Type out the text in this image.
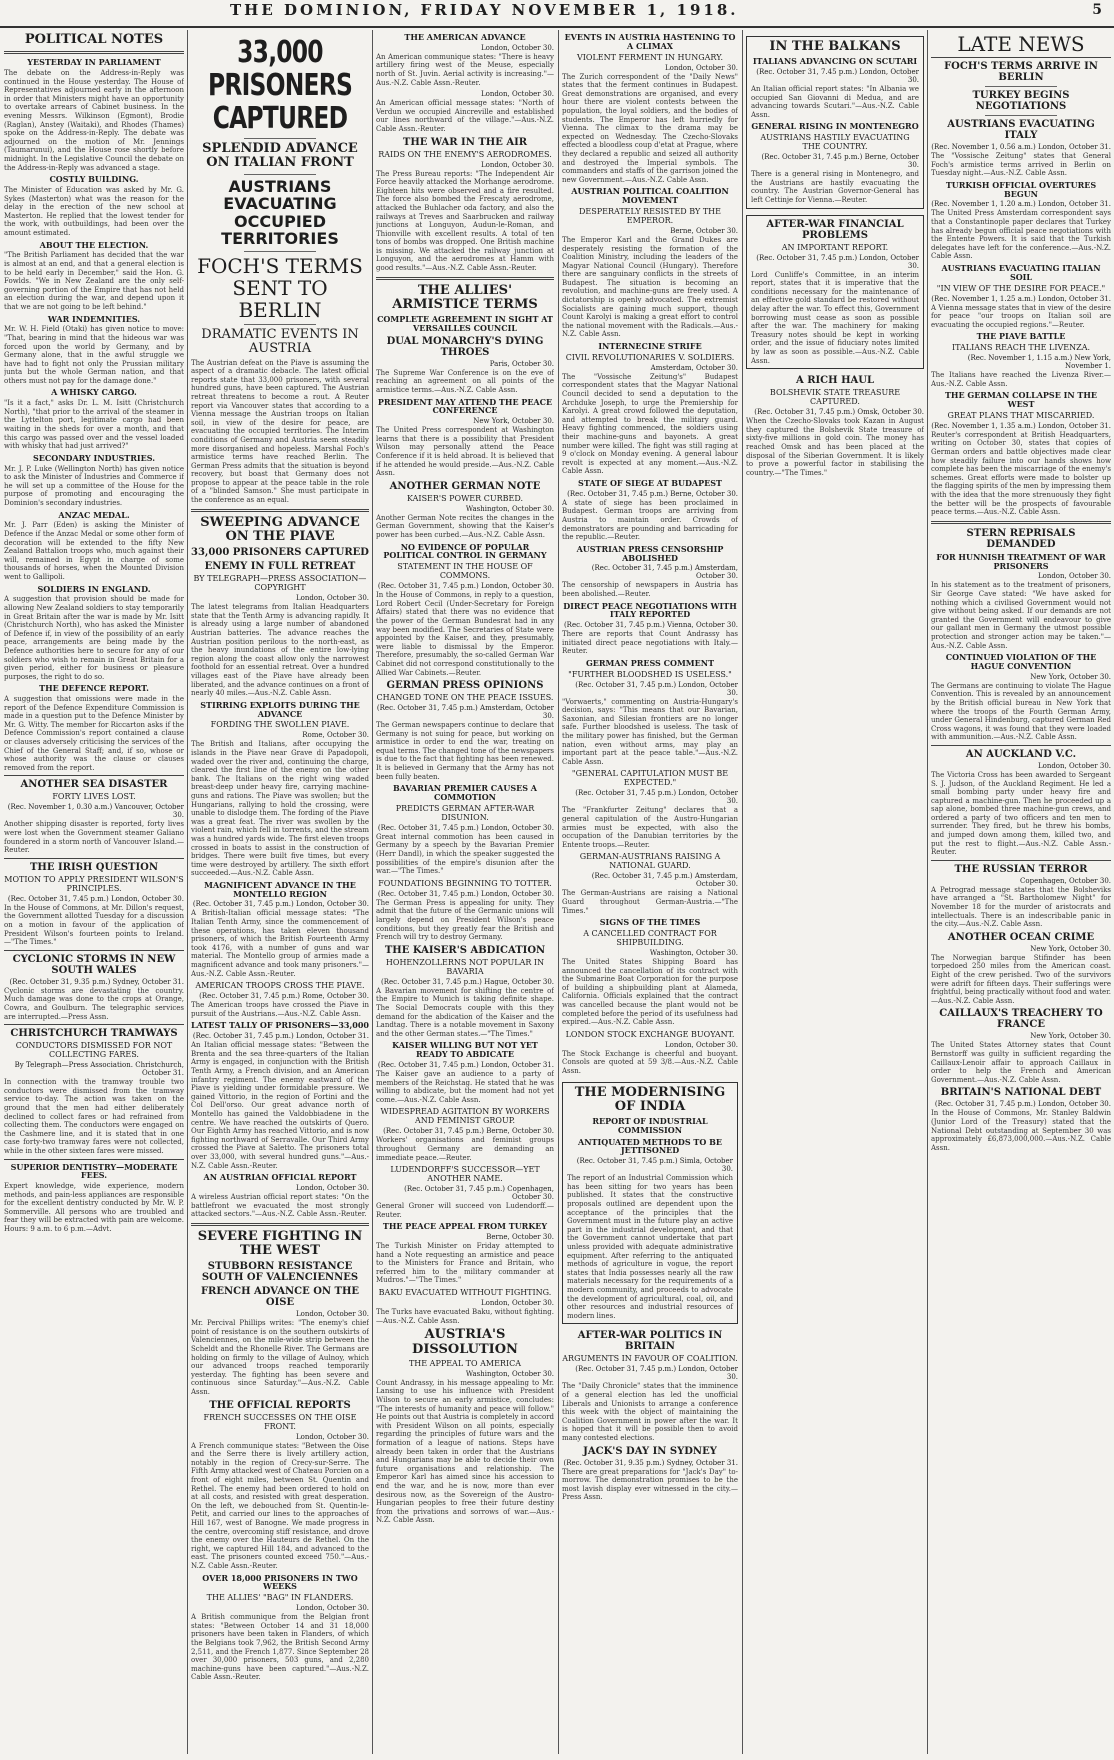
THE DOMINION, FRIDAY NOVEMBER 1, 1918.	5
POLITICAL NOTES
YESTERDAY IN PARLIAMENT
The debate on the Address-in-Reply was continued in the House yesterday. The House of Representatives adjourned early in the afternoon in order that Ministers might have an opportunity to overtake arrears of Cabinet business. In the evening Messrs. Wilkinson (Egmont), Brodie (Raglan), Anstey (Waitaki), and Rhodes (Thames) spoke on the Address-in-Reply. The debate was adjourned on the motion of Mr. Jennings (Taumarunui), and the House rose shortly before midnight. In the Legislative Council the debate on the Address-in-Reply was advanced a stage.
COSTLY BUILDING.
The Minister of Education was asked by Mr. G. Sykes (Masterton) what was the reason for the delay in the erection of the new school at Masterton. He replied that the lowest tender for the work, with outbuildings, had been over the amount estimated.
ABOUT THE ELECTION.
"The British Parliament has decided that the war is almost at an end, and that a general election is to be held early in December," said the Hon. G. Fowlds. "We in New Zealand are the only self-governing portion of the Empire that has not held an election during the war, and depend upon it that we are not going to be left behind."
WAR INDEMNITIES.
Mr. W. H. Field (Otaki) has given notice to move: "That, bearing in mind that the hideous war was forced upon the world by Germany, and by Germany alone, that in the awful struggle we have had to fight not only the Prussian military junta but the whole German nation, and that others must not pay for the damage done."
A WHISKY CARGO.
"Is it a fact," asks Dr. L. M. Isitt (Christchurch North), "that prior to the arrival of the steamer in the Lyttelton port, legitimate cargo had been waiting in the sheds for over a month, and that this cargo was passed over and the vessel loaded with whisky that had just arrived?"
SECONDARY INDUSTRIES.
Mr. J. P. Luke (Wellington North) has given notice to ask the Minister of Industries and Commerce if he will set up a committee of the House for the purpose of promoting and encouraging the Dominion's secondary industries.
ANZAC MEDAL.
Mr. J. Parr (Eden) is asking the Minister of Defence if the Anzac Medal or some other form of decoration will be extended to the fifty New Zealand Battalion troops who, much against their will, remained in Egypt in charge of some thousands of horses, when the Mounted Division went to Gallipoli.
SOLDIERS IN ENGLAND.
A suggestion that provision should be made for allowing New Zealand soldiers to stay temporarily in Great Britain after the war is made by Mr. Isitt (Christchurch North), who has asked the Minister of Defence if, in view of the possibility of an early peace, arrangements are being made by the Defence authorities here to secure for any of our soldiers who wish to remain in Great Britain for a given period, either for business or pleasure purposes, the right to do so.
THE DEFENCE REPORT.
A suggestion that omissions were made in the report of the Defence Expenditure Commission is made in a question put to the Defence Minister by Mr. G. Witty. The member for Riccarton asks if the Defence Commission's report contained a clause or clauses adversely criticising the services of the Chief of the General Staff; and, if so, whose or whose authority was the clause or clauses removed from the report.
ANOTHER SEA DISASTER
FORTY LIVES LOST.
(Rec. November 1, 0.30 a.m.) Vancouver, October 30.
Another shipping disaster is reported, forty lives were lost when the Government steamer Galiano foundered in a storm north of Vancouver Island.—Reuter.
THE IRISH QUESTION
MOTION TO APPLY PRESIDENT WILSON'S PRINCIPLES.
(Rec. October 31, 7.45 p.m.) London, October 30.
In the House of Commons, at Mr. Dillon's request, the Government allotted Tuesday for a discussion on a motion in favour of the application of President Wilson's fourteen points to Ireland.—"The Times."
CYCLONIC STORMS IN NEW SOUTH WALES
(Rec. October 31, 9.35 p.m.) Sydney, October 31.
Cyclonic storms are devastating the country. Much damage was done to the crops at Orange, Cowra, and Goulburn. The telegraphic services are interrupted.—Press Assn.
CHRISTCHURCH TRAMWAYS
CONDUCTORS DISMISSED FOR NOT COLLECTING FARES.
By Telegraph—Press Association. Christchurch, October 31.
In connection with the tramway trouble two conductors were dismissed from the tramway service to-day. The action was taken on the ground that the men had either deliberately declined to collect fares or had refrained from collecting them. The conductors were engaged on the Cashmere line, and it is stated that in one case forty-two tramway fares were not collected, while in the other sixteen fares were missed.
SUPERIOR DENTISTRY—MODERATE FEES.
Expert knowledge, wide experience, modern methods, and pain-less appliances are responsible for the excellent dentistry conducted by Mr. W. P. Sommerville. All persons who are troubled and fear they will be extracted with pain are welcome. Hours: 9 a.m. to 6 p.m.—Advt.
33,000 PRISONERS CAPTURED
SPLENDID ADVANCE ON ITALIAN FRONT
AUSTRIANS EVACUATING OCCUPIED TERRITORIES
FOCH'S TERMS SENT TO BERLIN
DRAMATIC EVENTS IN AUSTRIA
The Austrian defeat on the Piave is assuming the aspect of a dramatic debacle. The latest official reports state that 33,000 prisoners, with several hundred guns, have been captured. The Austrian retreat threatens to become a rout. A Reuter report via Vancouver states that according to a Vienna message the Austrian troops on Italian soil, in view of the desire for peace, are evacuating the occupied territories. The Interim conditions of Germany and Austria seem steadily more disorganised and hopeless. Marshal Foch's armistice terms have reached Berlin. The German Press admits that the situation is beyond recovery, but boast that Germany does not propose to appear at the peace table in the role of a "blinded Samson." She must participate in the conference as an equal.
SWEEPING ADVANCE ON THE PIAVE
33,000 PRISONERS CAPTURED
ENEMY IN FULL RETREAT
BY TELEGRAPH—PRESS ASSOCIATION—COPYRIGHT
London, October 30.
The latest telegrams from Italian Headquarters state that the Tenth Army is advancing rapidly. It is already using a large number of abandoned Austrian batteries. The advance reaches the Austrian position perilous to the north-east, as the heavy inundations of the entire low-lying region along the coast allow only the narrowest foothold for an essential retreat. Over a hundred villages east of the Piave have already been liberated, and the advance continues on a front of nearly 40 miles.—Aus.-N.Z. Cable Assn.
STIRRING EXPLOITS DURING THE ADVANCE
FORDING THE SWOLLEN PIAVE.
Rome, October 30.
The British and Italians, after occupying the islands in the Piave near Grave di Papadopoli, waded over the river and, continuing the charge, cleared the first line of the enemy on the other bank. The Italians on the right wing waded breast-deep under heavy fire, carrying machine-guns and rations. The Piave was swollen; but the Hungarians, rallying to hold the crossing, were unable to dislodge them. The fording of the Piave was a great feat. The river was swollen by the violent rain, which fell in torrents, and the stream was a hundred yards wide. The first eleven troops crossed in boats to assist in the construction of bridges. There were built five times, but every time were destroyed by artillery. The sixth effort succeeded.—Aus.-N.Z. Cable Assn.
MAGNIFICENT ADVANCE IN THE MONTELLO REGION
(Rec. October 31, 7.45 p.m.) London, October 30.
A British-Italian official message states: "The Italian Tenth Army, since the commencement of these operations, has taken eleven thousand prisoners, of which the British Fourteenth Army took 4176, with a number of guns and war material. The Montello group of armies made a magnificent advance and took many prisoners."—Aus.-N.Z. Cable Assn.-Reuter.
AMERICAN TROOPS CROSS THE PIAVE.
(Rec. October 31, 7.45 p.m.) Rome, October 30.
The American troops have crossed the Piave in pursuit of the Austrians.—Aus.-N.Z. Cable Assn.
LATEST TALLY OF PRISONERS—33,000
(Rec. October 31, 7.45 p.m.) London, October 31.
An Italian official message states: "Between the Brenta and the sea three-quarters of the Italian Army is engaged, in conjunction with the British Tenth Army, a French division, and an American infantry regiment. The enemy eastward of the Piave is yielding under formidable pressure. We gained Vittorio, in the region of Fortini and the Col Dell'orso. Our great advance north of Montello has gained the Valdobbiadene in the centre. We have reached the outskirts of Quero. Our Eighth Army has reached Vittorio, and is now fighting northward of Serravalle. Our Third Army crossed the Piave at Saletto. The prisoners total over 33,000, with several hundred guns."—Aus.-N.Z. Cable Assn.-Reuter.
AN AUSTRIAN OFFICIAL REPORT
London, October 30.
A wireless Austrian official report states: "On the battlefront we evacuated the most strongly attacked sectors."—Aus.-N.Z. Cable Assn.-Reuter.
SEVERE FIGHTING IN THE WEST
STUBBORN RESISTANCE SOUTH OF VALENCIENNES
FRENCH ADVANCE ON THE OISE
London, October 30.
Mr. Percival Phillips writes: "The enemy's chief point of resistance is on the southern outskirts of Valenciennes, on the mile-wide strip between the Scheldt and the Rhonelle River. The Germans are holding on firmly to the village of Aulnoy, which our advanced troops reached temporarily yesterday. The fighting has been severe and continuous since Saturday."—Aus.-N.Z. Cable Assn.
THE OFFICIAL REPORTS
FRENCH SUCCESSES ON THE OISE FRONT.
London, October 30.
A French communique states: "Between the Oise and the Serre there is lively artillery action, notably in the region of Crecy-sur-Serre. The Fifth Army attacked west of Chateau Porcien on a front of eight miles, between St. Quentin and Rethel. The enemy had been ordered to hold on at all costs, and resisted with great desperation. On the left, we debouched from St. Quentin-le-Petit, and carried our lines to the approaches of Hill 167, west of Banogne. We made progress in the centre, overcoming stiff resistance, and drove the enemy over the Hauteurs de Rethel. On the right, we captured Hill 184, and advanced to the east. The prisoners counted exceed 750."—Aus.-N.Z. Cable Assn.-Reuter.
OVER 18,000 PRISONERS IN TWO WEEKS
THE ALLIES' "BAG" IN FLANDERS.
London, October 30.
A British communique from the Belgian front states: "Between October 14 and 31 18,000 prisoners have been taken in Flanders, of which the Belgians took 7,962, the British Second Army 2,511, and the French 1,877. Since September 28 over 30,000 prisoners, 503 guns, and 2,280 machine-guns have been captured."—Aus.-N.Z. Cable Assn.-Reuter.
THE AMERICAN ADVANCE
London, October 30.
An American communique states: "There is heavy artillery firing west of the Meuse, especially north of St. Juvin. Aerial activity is increasing."—Aus.-N.Z. Cable Assn.-Reuter.
London, October 30.
An American official message states: "North of Verdun we occupied Aincreville and established our lines northward of the village."—Aus.-N.Z. Cable Assn.-Reuter.
THE WAR IN THE AIR
RAIDS ON THE ENEMY'S AERODROMES.
London, October 30.
The Press Bureau reports: "The Independent Air Force heavily attacked the Morhange aerodrome. Eighteen hits were observed and a fire resulted. The force also bombed the Frescaty aerodrome, attacked the Buhlacher oda factory, and also the railways at Treves and Saarbrucken and railway junctions at Longuyon, Audun-le-Roman, and Thionville with excellent results. A total of ten tons of bombs was dropped. One British machine is missing. We attacked the railway junction at Longuyon, and the aerodromes at Hamm with good results."—Aus.-N.Z. Cable Assn.-Reuter.
THE ALLIES' ARMISTICE TERMS
COMPLETE AGREEMENT IN SIGHT AT VERSAILLES COUNCIL
DUAL MONARCHY'S DYING THROES
Paris, October 30.
The Supreme War Conference is on the eve of reaching an agreement on all points of the armistice terms.—Aus.-N.Z. Cable Assn.
PRESIDENT MAY ATTEND THE PEACE CONFERENCE
New York, October 30.
The United Press correspondent at Washington learns that there is a possibility that President Wilson may personally attend the Peace Conference if it is held abroad. It is believed that if he attended he would preside.—Aus.-N.Z. Cable Assn.
ANOTHER GERMAN NOTE
KAISER'S POWER CURBED.
Washington, October 30.
Another German Note recites the changes in the German Government, showing that the Kaiser's power has been curbed.—Aus.-N.Z. Cable Assn.
NO EVIDENCE OF POPULAR POLITICAL CONTROL IN GERMANY
STATEMENT IN THE HOUSE OF COMMONS.
(Rec. October 31, 7.45 p.m.) London, October 30.
In the House of Commons, in reply to a question, Lord Robert Cecil (Under-Secretary for Foreign Affairs) stated that there was no evidence that the power of the German Bundesrat had in any way been modified. The Secretaries of State were appointed by the Kaiser, and they, presumably, were liable to dismissal by the Emperor. Therefore, presumably, the so-called German War Cabinet did not correspond constitutionally to the Allied War Cabinets.—Reuter.
GERMAN PRESS OPINIONS
CHANGED TONE ON THE PEACE ISSUES.
(Rec. October 31, 7.45 p.m.) Amsterdam, October 30.
The German newspapers continue to declare that Germany is not suing for peace, but working on armistice in order to end the war, treating on equal terms. The changed tone of the newspapers is due to the fact that fighting has been renewed. It is believed in Germany that the Army has not been fully beaten.
BAVARIAN PREMIER CAUSES A COMMOTION
PREDICTS GERMAN AFTER-WAR DISUNION.
(Rec. October 31, 7.45 p.m.) London, October 30.
Great internal commotion has been caused in Germany by a speech by the Bavarian Premier (Herr Dandl), in which the speaker suggested the possibilities of the empire's disunion after the war.—"The Times."
FOUNDATIONS BEGINNING TO TOTTER.
(Rec. October 31, 7.45 p.m.) London, October 30.
The German Press is appealing for unity. They admit that the future of the Germanic unions will largely depend on President Wilson's peace conditions, but they greatly fear the British and French will try to destroy Germany.
THE KAISER'S ABDICATION
HOHENZOLLERNS NOT POPULAR IN BAVARIA
(Rec. October 31, 7.45 p.m.) Hague, October 30.
A Bavarian movement for shifting the centre of the Empire to Munich is taking definite shape. The Social Democrats couple with this they demand for the abdication of the Kaiser and the Landtag. There is a notable movement in Saxony and the other German states.—"The Times."
KAISER WILLING BUT NOT YET READY TO ABDICATE
(Rec. October 31, 7.45 p.m.) London, October 31.
The Kaiser gave an audience to a party of members of the Reichstag. He stated that he was willing to abdicate, but the moment had not yet come.—Aus.-N.Z. Cable Assn.
WIDESPREAD AGITATION BY WORKERS AND FEMINIST GROUP.
(Rec. October 31, 7.45 p.m.) Berne, October 30.
Workers' organisations and feminist groups throughout Germany are demanding an immediate peace.—Reuter.
LUDENDORFF'S SUCCESSOR—YET ANOTHER NAME.
(Rec. October 31, 7.45 p.m.) Copenhagen, October 30.
General Groner will succeed von Ludendorff.—Reuter.
THE PEACE APPEAL FROM TURKEY
Berne, October 30.
The Turkish Minister on Friday attempted to hand a Note requesting an armistice and peace to the Ministers for France and Britain, who referred him to the military commander at Mudros."—"The Times."
BAKU EVACUATED WITHOUT FIGHTING.
London, October 30.
The Turks have evacuated Baku, without fighting.—Aus.-N.Z. Cable Assn.
AUSTRIA'S DISSOLUTION
THE APPEAL TO AMERICA
Washington, October 30.
Count Andrassy, in his message appealing to Mr. Lansing to use his influence with President Wilson to secure an early armistice, concludes: "The interests of humanity and peace will follow." He points out that Austria is completely in accord with President Wilson on all points, especially regarding the principles of future wars and the formation of a league of nations. Steps have already been taken in order that the Austrians and Hungarians may be able to decide their own future organisations and relationship. The Emperor Karl has aimed since his accession to end the war, and he is now, more than ever desirous now, as the Sovereign of the Austro-Hungarian peoples to free their future destiny from the privations and sorrows of war.—Aus.-N.Z. Cable Assn.
EVENTS IN AUSTRIA HASTENING TO A CLIMAX
VIOLENT FERMENT IN HUNGARY.
London, October 30.
The Zurich correspondent of the "Daily News" states that the ferment continues in Budapest. Great demonstrations are organised, and every hour there are violent contests between the population, the loyal soldiers, and the bodies of students. The Emperor has left hurriedly for Vienna. The climax to the drama may be expected on Wednesday. The Czecho-Slovaks effected a bloodless coup d'etat at Prague, where they declared a republic and seized all authority and destroyed the Imperial symbols. The commanders and staffs of the garrison joined the new Government.—Aus.-N.Z. Cable Assn.
AUSTRIAN POLITICAL COALITION MOVEMENT
DESPERATELY RESISTED BY THE EMPEROR.
Berne, October 30.
The Emperor Karl and the Grand Dukes are desperately resisting the formation of the Coalition Ministry, including the leaders of the Magyar National Council (Hungary). Therefore there are sanguinary conflicts in the streets of Budapest. The situation is becoming an revolution, and machine-guns are freely used. A dictatorship is openly advocated. The extremist Socialists are gaining much support, though Count Karolyi is making a great effort to control the national movement with the Radicals.—Aus.-N.Z. Cable Assn.
INTERNECINE STRIFE
CIVIL REVOLUTIONARIES V. SOLDIERS.
Amsterdam, October 30.
The "Vossische Zeitung's" Budapest correspondent states that the Magyar National Council decided to send a deputation to the Archduke Joseph, to urge the Premiership for Karolyi. A great crowd followed the deputation, and attempted to break the military guard. Heavy fighting commenced, the soldiers using their machine-guns and bayonets. A great number were killed. The fight was still raging at 9 o'clock on Monday evening. A general labour revolt is expected at any moment.—Aus.-N.Z. Cable Assn.
STATE OF SIEGE AT BUDAPEST
(Rec. October 31, 7.45 p.m.) Berne, October 30.
A state of siege has been proclaimed in Budapest. German troops are arriving from Austria to maintain order. Crowds of demonstrators are pounding and barricading for the republic.—Reuter.
AUSTRIAN PRESS CENSORSHIP ABOLISHED
(Rec. October 31, 7.45 p.m.) Amsterdam, October 30.
The censorship of newspapers in Austria has been abolished.—Reuter.
DIRECT PEACE NEGOTIATIONS WITH ITALY REPORTED
(Rec. October 31, 7.45 p.m.) Vienna, October 30.
There are reports that Count Andrassy has initiated direct peace negotiations with Italy.—Reuter.
GERMAN PRESS COMMENT
"FURTHER BLOODSHED IS USELESS."
(Rec. October 31, 7.45 p.m.) London, October 30.
"Vorwaerts," commenting on Austria-Hungary's decision, says: "This means that our Bavarian, Saxonian, and Silesian frontiers are no longer safe. Further bloodshed is useless. The task of the military power has finished, but the German nation, even without arms, may play an important part at the peace table."—Aus.-N.Z. Cable Assn.
"GENERAL CAPITULATION MUST BE EXPECTED."
(Rec. October 31, 7.45 p.m.) London, October 30.
The "Frankfurter Zeitung" declares that a general capitulation of the Austro-Hungarian armies must be expected, with also the occupation of the Danubian territories by the Entente troops.—Reuter.
GERMAN-AUSTRIANS RAISING A NATIONAL GUARD.
(Rec. October 31, 7.45 p.m.) Amsterdam, October 30.
The German-Austrians are raising a National Guard throughout German-Austria.—"The Times."
SIGNS OF THE TIMES
A CANCELLED CONTRACT FOR SHIPBUILDING.
Washington, October 30.
The United States Shipping Board has announced the cancellation of its contract with the Submarine Boat Corporation for the purpose of building a shipbuilding plant at Alameda, California. Officials explained that the contract was cancelled because the plant would not be completed before the period of its usefulness had expired.—Aus.-N.Z. Cable Assn.
LONDON STOCK EXCHANGE BUOYANT.
London, October 30.
The Stock Exchange is cheerful and buoyant. Consols are quoted at 59 3/8.—Aus.-N.Z. Cable Assn.
THE MODERNISING OF INDIA
REPORT OF INDUSTRIAL COMMISSION
ANTIQUATED METHODS TO BE JETTISONED
(Rec. October 31, 7.45 p.m.) Simla, October 30.
The report of an Industrial Commission which has been sitting for two years has been published. It states that the constructive proposals outlined are dependent upon the acceptance of the principles that the Government must in the future play an active part in the industrial development, and that the Government cannot undertake that part unless provided with adequate administrative equipment. After referring to the antiquated methods of agriculture in vogue, the report states that India possesses nearly all the raw materials necessary for the requirements of a modern community, and proceeds to advocate the development of agricultural, coal, oil, and other resources and industrial resources of modern lines.
AFTER-WAR POLITICS IN BRITAIN
ARGUMENTS IN FAVOUR OF COALITION.
(Rec. October 31, 7.45 p.m.) London, October 30.
The "Daily Chronicle" states that the imminence of a general election has led the unofficial Liberals and Unionists to arrange a conference this week with the object of maintaining the Coalition Government in power after the war. It is hoped that it will be possible then to avoid many contested elections.
JACK'S DAY IN SYDNEY
(Rec. October 31, 9.35 p.m.) Sydney, October 31.
There are great preparations for "Jack's Day" to-morrow. The demonstration promises to be the most lavish display ever witnessed in the city.—Press Assn.
IN THE BALKANS
ITALIANS ADVANCING ON SCUTARI
(Rec. October 31, 7.45 p.m.) London, October 30.
An Italian official report states: "In Albania we occupied San Giovanni di Medua, and are advancing towards Scutari."—Aus.-N.Z. Cable Assn.
GENERAL RISING IN MONTENEGRO
AUSTRIANS HASTILY EVACUATING THE COUNTRY.
(Rec. October 31, 7.45 p.m.) Berne, October 30.
There is a general rising in Montenegro, and the Austrians are hastily evacuating the country. The Austrian Governor-General has left Cettinje for Vienna.—Reuter.
AFTER-WAR FINANCIAL PROBLEMS
AN IMPORTANT REPORT.
(Rec. October 31, 7.45 p.m.) London, October 30.
Lord Cunliffe's Committee, in an interim report, states that it is imperative that the conditions necessary for the maintenance of an effective gold standard be restored without delay after the war. To effect this, Government borrowing must cease as soon as possible after the war. The machinery for making Treasury notes should be kept in working order, and the issue of fiduciary notes limited by law as soon as possible.—Aus.-N.Z. Cable Assn.
A RICH HAUL
BOLSHEVIK STATE TREASURE CAPTURED.
(Rec. October 31, 7.45 p.m.) Omsk, October 30.
When the Czecho-Slovaks took Kazan in August they captured the Bolshevik State treasure of sixty-five millions in gold coin. The money has reached Omsk and has been placed at the disposal of the Siberian Government. It is likely to prove a powerful factor in stabilising the country.—"The Times."
LATE NEWS
FOCH'S TERMS ARRIVE IN BERLIN
TURKEY BEGINS NEGOTIATIONS
AUSTRIANS EVACUATING ITALY
(Rec. November 1, 0.56 a.m.) London, October 31.
The "Vossische Zeitung" states that General Foch's armistice terms arrived in Berlin on Tuesday night.—Aus.-N.Z. Cable Assn.
TURKISH OFFICIAL OVERTURES BEGUN
(Rec. November 1, 1.20 a.m.) London, October 31.
The United Press Amsterdam correspondent says that a Constantinople paper declares that Turkey has already begun official peace negotiations with the Entente Powers. It is said that the Turkish delegates have left for the conference.—Aus.-N.Z. Cable Assn.
AUSTRIANS EVACUATING ITALIAN SOIL
"IN VIEW OF THE DESIRE FOR PEACE."
(Rec. November 1, 1.25 a.m.) London, October 31.
A Vienna message states that in view of the desire for peace "our troops on Italian soil are evacuating the occupied regions."—Reuter.
THE PIAVE BATTLE
ITALIANS REACH THE LIVENZA.
(Rec. November 1, 1.15 a.m.) New York, November 1.
The Italians have reached the Livenza River.—Aus.-N.Z. Cable Assn.
THE GERMAN COLLAPSE IN THE WEST
GREAT PLANS THAT MISCARRIED.
(Rec. November 1, 1.35 a.m.) London, October 31.
Reuter's correspondent at British Headquarters, writing on October 30, states that copies of German orders and battle objectives made clear how steadily failure into our hands shows how complete has been the miscarriage of the enemy's schemes. Great efforts were made to bolster up the flagging spirits of the men by impressing them with the idea that the more strenuously they fight the better will be the prospects of favourable peace terms.—Aus.-N.Z. Cable Assn.
STERN REPRISALS DEMANDED
FOR HUNNISH TREATMENT OF WAR PRISONERS
London, October 30.
In his statement as to the treatment of prisoners, Sir George Cave stated: "We have asked for nothing which a civilised Government would not give without being asked. If our demands are not granted the Government will endeavour to give our gallant men in Germany the utmost possible protection and stronger action may be taken."—Aus.-N.Z. Cable Assn.
CONTINUED VIOLATION OF THE HAGUE CONVENTION
New York, October 30.
The Germans are continuing to violate The Hague Convention. This is revealed by an announcement by the British official bureau in New York that where the troops of the Fourth German Army, under General Hindenburg, captured German Red Cross wagons, it was found that they were loaded with ammunition.—Aus.-N.Z. Cable Assn.
AN AUCKLAND V.C.
London, October 30.
The Victoria Cross has been awarded to Sergeant S. J. Judson, of the Auckland Regiment. He led a small bombing party under heavy fire and captured a machine-gun. Then he proceeded up a sap alone, bombed three machine-gun crews, and ordered a party of two officers and ten men to surrender. They fired, but he threw his bombs, and jumped down among them, killed two, and put the rest to flight.—Aus.-N.Z. Cable Assn.-Reuter.
THE RUSSIAN TERROR
Copenhagen, October 30.
A Petrograd message states that the Bolsheviks have arranged a "St. Bartholomew Night" for November 18 for the murder of aristocrats and intellectuals. There is an indescribable panic in the city.—Aus.-N.Z. Cable Assn.
ANOTHER OCEAN CRIME
New York, October 30.
The Norwegian barque Stifinder has been torpedoed 250 miles from the American coast. Eight of the crew perished. Two of the survivors were adrift for fifteen days. Their sufferings were frightful, being practically without food and water.—Aus.-N.Z. Cable Assn.
CAILLAUX'S TREACHERY TO FRANCE
New York, October 30.
The United States Attorney states that Count Bernstorff was guilty in sufficient regarding the Caillaux-Lenoir affair to approach Caillaux in order to help the French and American Government.—Aus.-N.Z. Cable Assn.
BRITAIN'S NATIONAL DEBT
(Rec. October 31, 7.45 p.m.) London, October 30.
In the House of Commons, Mr. Stanley Baldwin (Junior Lord of the Treasury) stated that the National Debt outstanding at September 30 was approximately £6,873,000,000.—Aus.-N.Z. Cable Assn.
